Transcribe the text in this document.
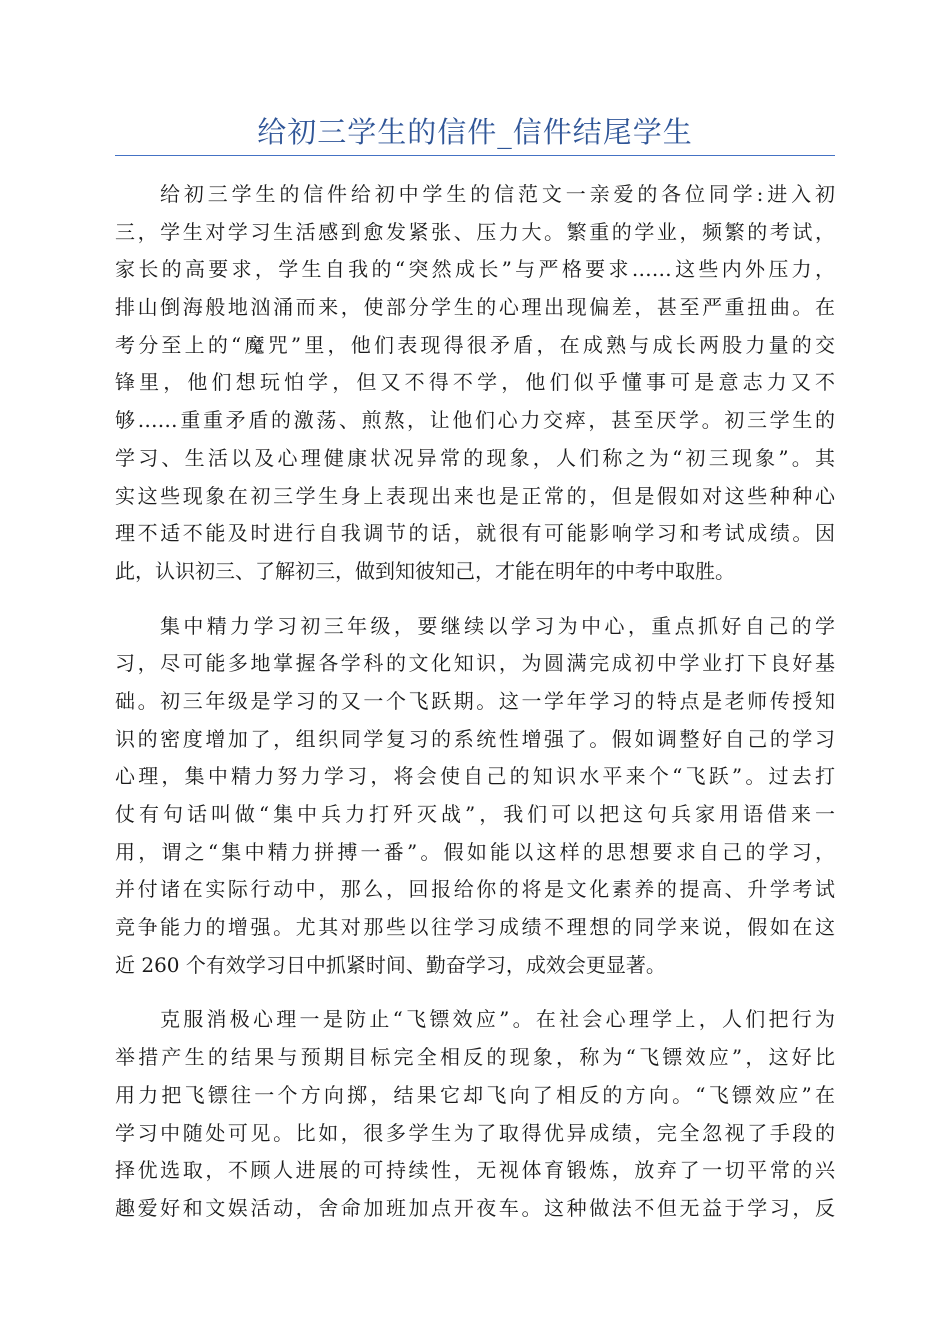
给初三学生的信件_信件结尾学生
给初三学生的信件给初中学生的信范文一亲爱的各位同学:进入初
三，学生对学习生活感到愈发紧张、压力大。繁重的学业，频繁的考试，
家长的高要求，学生自我的“突然成长”与严格要求……这些内外压力，
排山倒海般地汹涌而来，使部分学生的心理出现偏差，甚至严重扭曲。在
考分至上的“魔咒”里，他们表现得很矛盾，在成熟与成长两股力量的交
锋里，他们想玩怕学，但又不得不学，他们似乎懂事可是意志力又不
够……重重矛盾的激荡、煎熬，让他们心力交瘁，甚至厌学。初三学生的
学习、生活以及心理健康状况异常的现象，人们称之为“初三现象”。其
实这些现象在初三学生身上表现出来也是正常的，但是假如对这些种种心
理不适不能及时进行自我调节的话，就很有可能影响学习和考试成绩。因
此，认识初三、了解初三，做到知彼知己，才能在明年的中考中取胜。
集中精力学习初三年级，要继续以学习为中心，重点抓好自己的学
习，尽可能多地掌握各学科的文化知识，为圆满完成初中学业打下良好基
础。初三年级是学习的又一个飞跃期。这一学年学习的特点是老师传授知
识的密度增加了，组织同学复习的系统性增强了。假如调整好自己的学习
心理，集中精力努力学习，将会使自己的知识水平来个“飞跃”。过去打
仗有句话叫做“集中兵力打歼灭战”，我们可以把这句兵家用语借来一
用，谓之“集中精力拼搏一番”。假如能以这样的思想要求自己的学习，
并付诸在实际行动中，那么，回报给你的将是文化素养的提高、升学考试
竞争能力的增强。尤其对那些以往学习成绩不理想的同学来说，假如在这
近 260 个有效学习日中抓紧时间、勤奋学习，成效会更显著。
克服消极心理一是防止“飞镖效应”。在社会心理学上，人们把行为
举措产生的结果与预期目标完全相反的现象，称为“飞镖效应”，这好比
用力把飞镖往一个方向掷，结果它却飞向了相反的方向。“飞镖效应”在
学习中随处可见。比如，很多学生为了取得优异成绩，完全忽视了手段的
择优选取，不顾人进展的可持续性，无视体育锻炼，放弃了一切平常的兴
趣爱好和文娱活动，舍命加班加点开夜车。这种做法不但无益于学习，反
